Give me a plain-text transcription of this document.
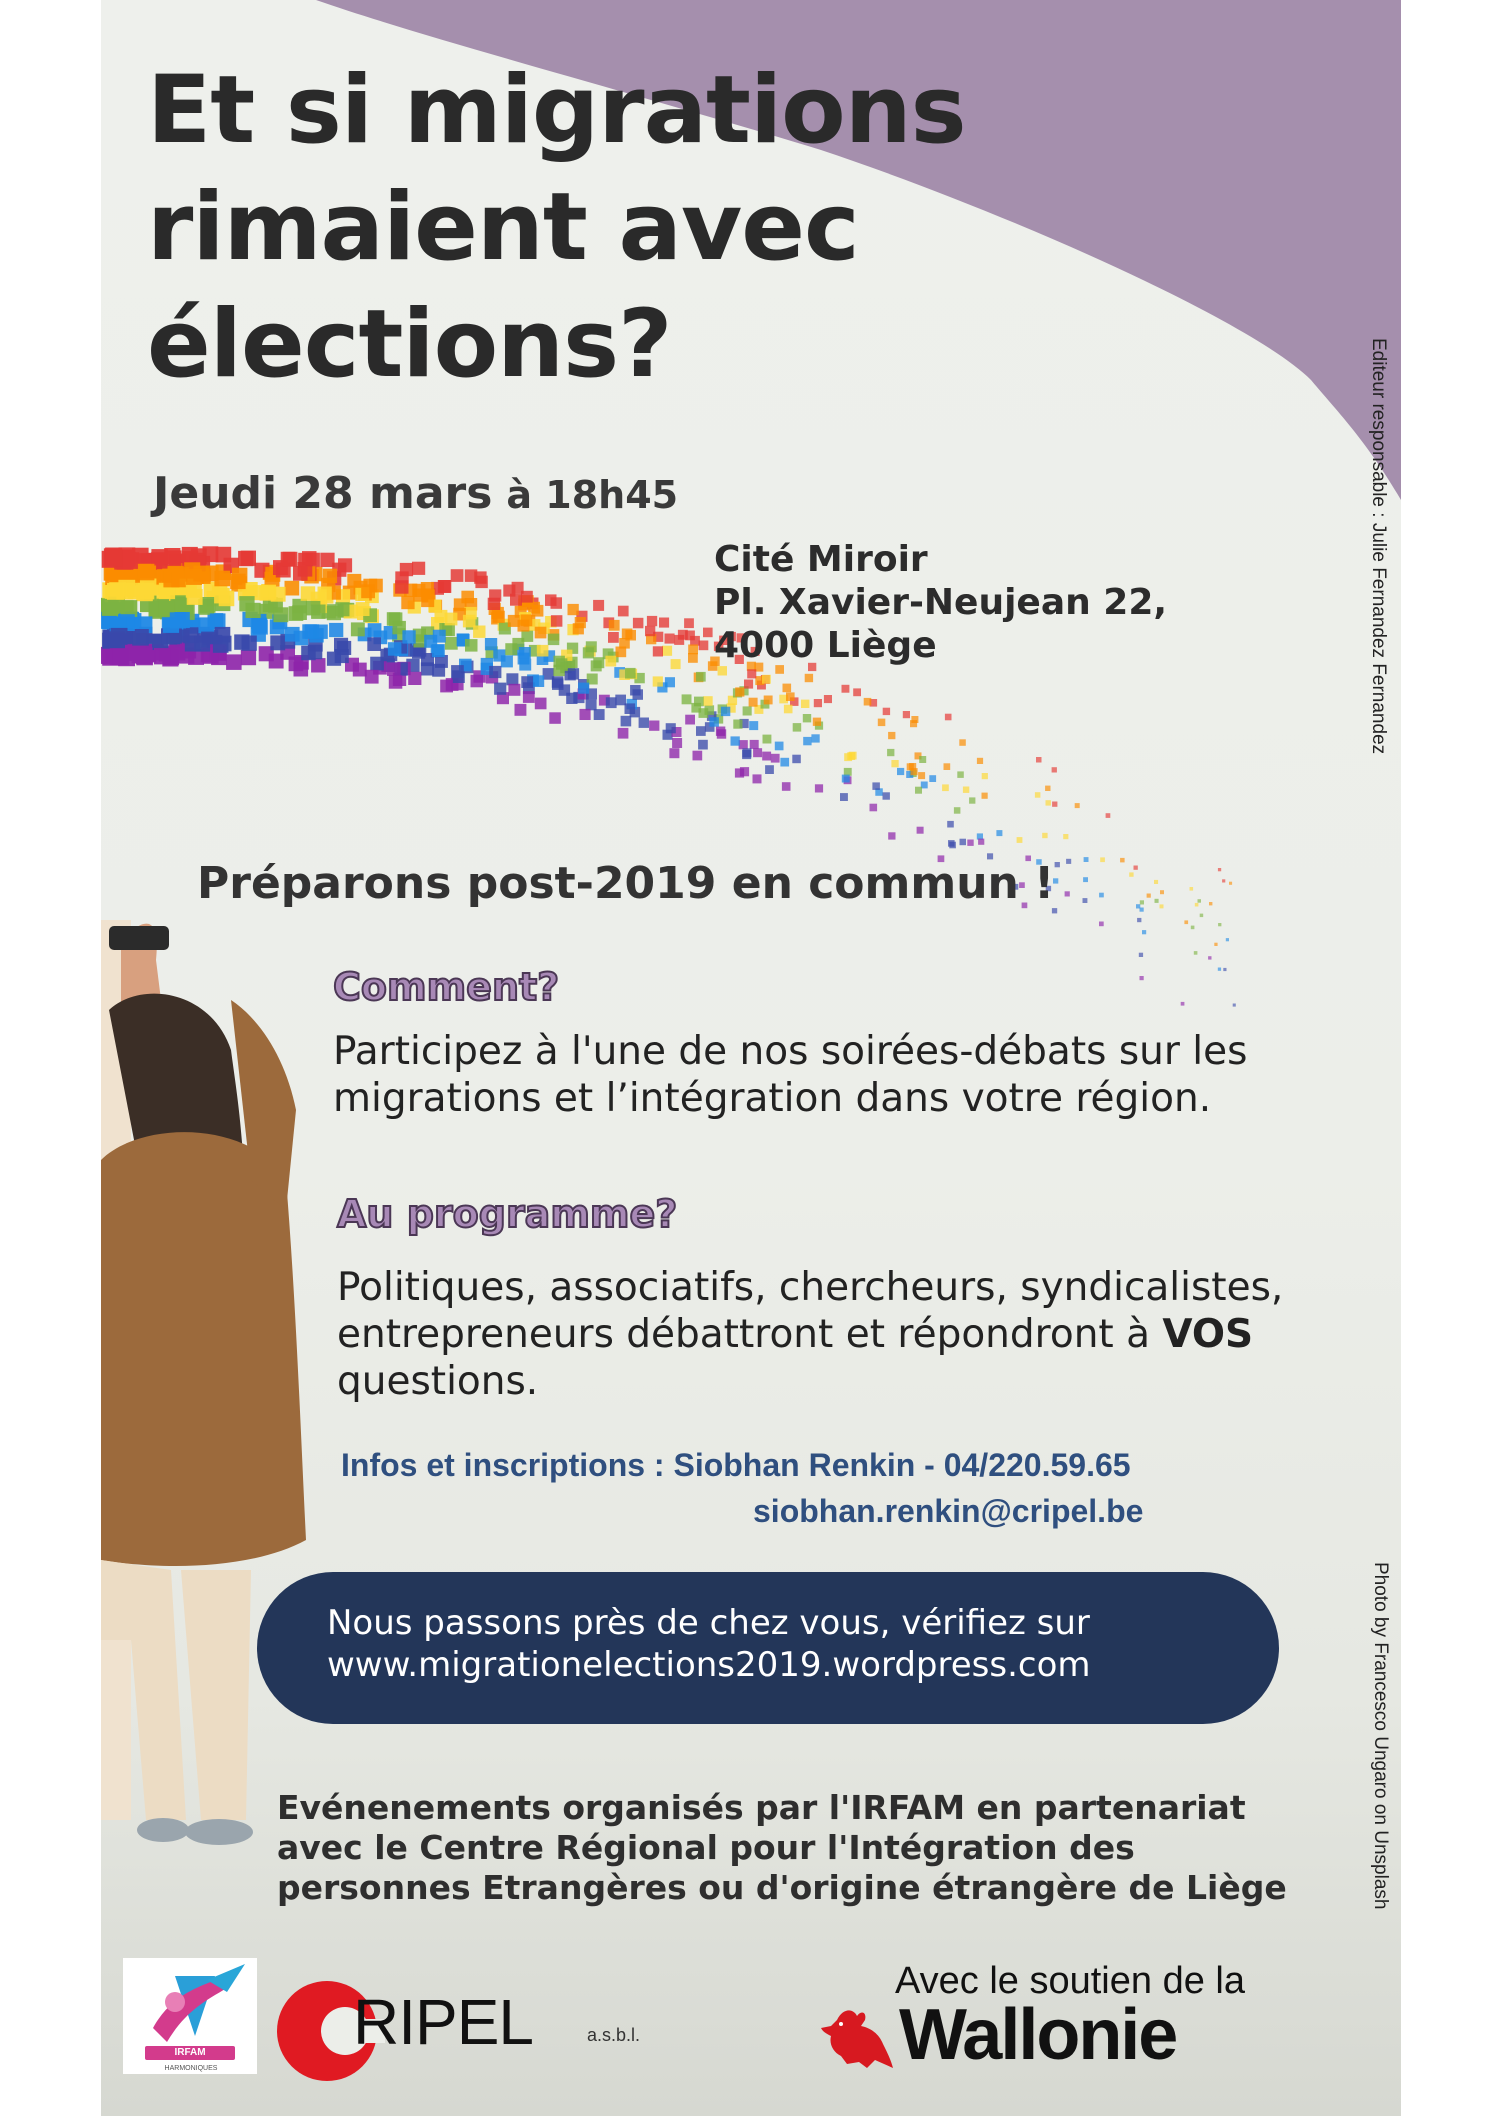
Et si migrations rimaient avec élections?
Jeudi 28 mars à 18h45
Cité Miroir
Pl. Xavier-Neujean 22,
4000 Liège
Préparons post-2019 en commun !
Comment?
Participez à l'une de nos soirées-débats sur les migrations et l’intégration dans votre région.
Au programme?
Politiques, associatifs, chercheurs, syndicalistes, entrepreneurs débattront et répondront à VOS questions.
Infos et inscriptions : Siobhan Renkin - 04/220.59.65
siobhan.renkin@cripel.be
Nous passons près de chez vous, vérifiez sur
www.migrationelections2019.wordpress.com
Evénenements organisés par l'IRFAM en partenariat
avec le Centre Régional pour l'Intégration des
personnes Etrangères ou d'origine étrangère de Liège
Editeur responsable : Julie Fernandez Fernandez
Photo by Francesco Ungaro on Unsplash
IRFAM
HARMONIQUES
RIPEL	a.s.b.l.
Avec le soutien de la
Wallonie
